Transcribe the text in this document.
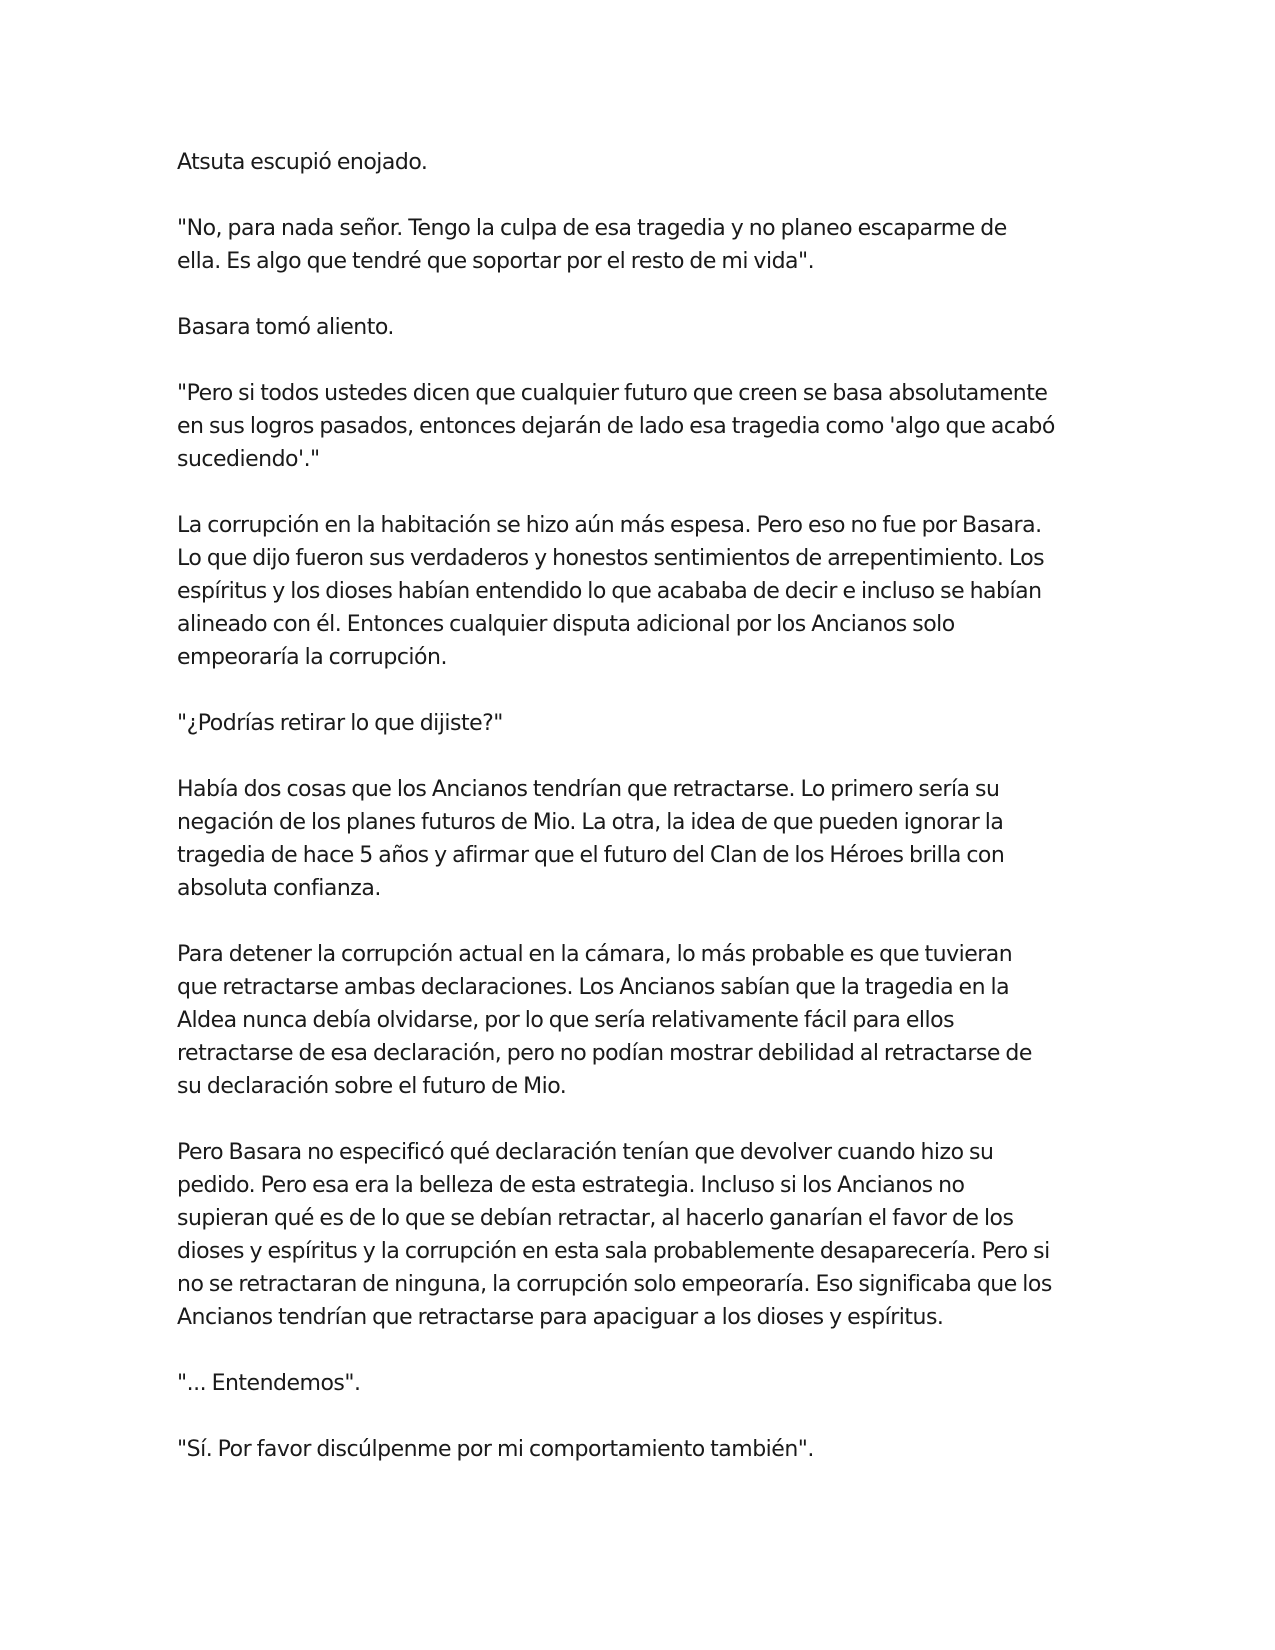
Atsuta escupió enojado.

"No, para nada señor. Tengo la culpa de esa tragedia y no planeo escaparme de
ella. Es algo que tendré que soportar por el resto de mi vida".

Basara tomó aliento.

"Pero si todos ustedes dicen que cualquier futuro que creen se basa absolutamente
en sus logros pasados, entonces dejarán de lado esa tragedia como 'algo que acabó
sucediendo'."

La corrupción en la habitación se hizo aún más espesa. Pero eso no fue por Basara.
Lo que dijo fueron sus verdaderos y honestos sentimientos de arrepentimiento. Los
espíritus y los dioses habían entendido lo que acababa de decir e incluso se habían
alineado con él. Entonces cualquier disputa adicional por los Ancianos solo
empeoraría la corrupción.

"¿Podrías retirar lo que dijiste?"

Había dos cosas que los Ancianos tendrían que retractarse. Lo primero sería su
negación de los planes futuros de Mio. La otra, la idea de que pueden ignorar la
tragedia de hace 5 años y afirmar que el futuro del Clan de los Héroes brilla con
absoluta confianza.

Para detener la corrupción actual en la cámara, lo más probable es que tuvieran
que retractarse ambas declaraciones. Los Ancianos sabían que la tragedia en la
Aldea nunca debía olvidarse, por lo que sería relativamente fácil para ellos
retractarse de esa declaración, pero no podían mostrar debilidad al retractarse de
su declaración sobre el futuro de Mio.

Pero Basara no especificó qué declaración tenían que devolver cuando hizo su
pedido. Pero esa era la belleza de esta estrategia. Incluso si los Ancianos no
supieran qué es de lo que se debían retractar, al hacerlo ganarían el favor de los
dioses y espíritus y la corrupción en esta sala probablemente desaparecería. Pero si
no se retractaran de ninguna, la corrupción solo empeoraría. Eso significaba que los
Ancianos tendrían que retractarse para apaciguar a los dioses y espíritus.

"... Entendemos".

"Sí. Por favor discúlpenme por mi comportamiento también".
